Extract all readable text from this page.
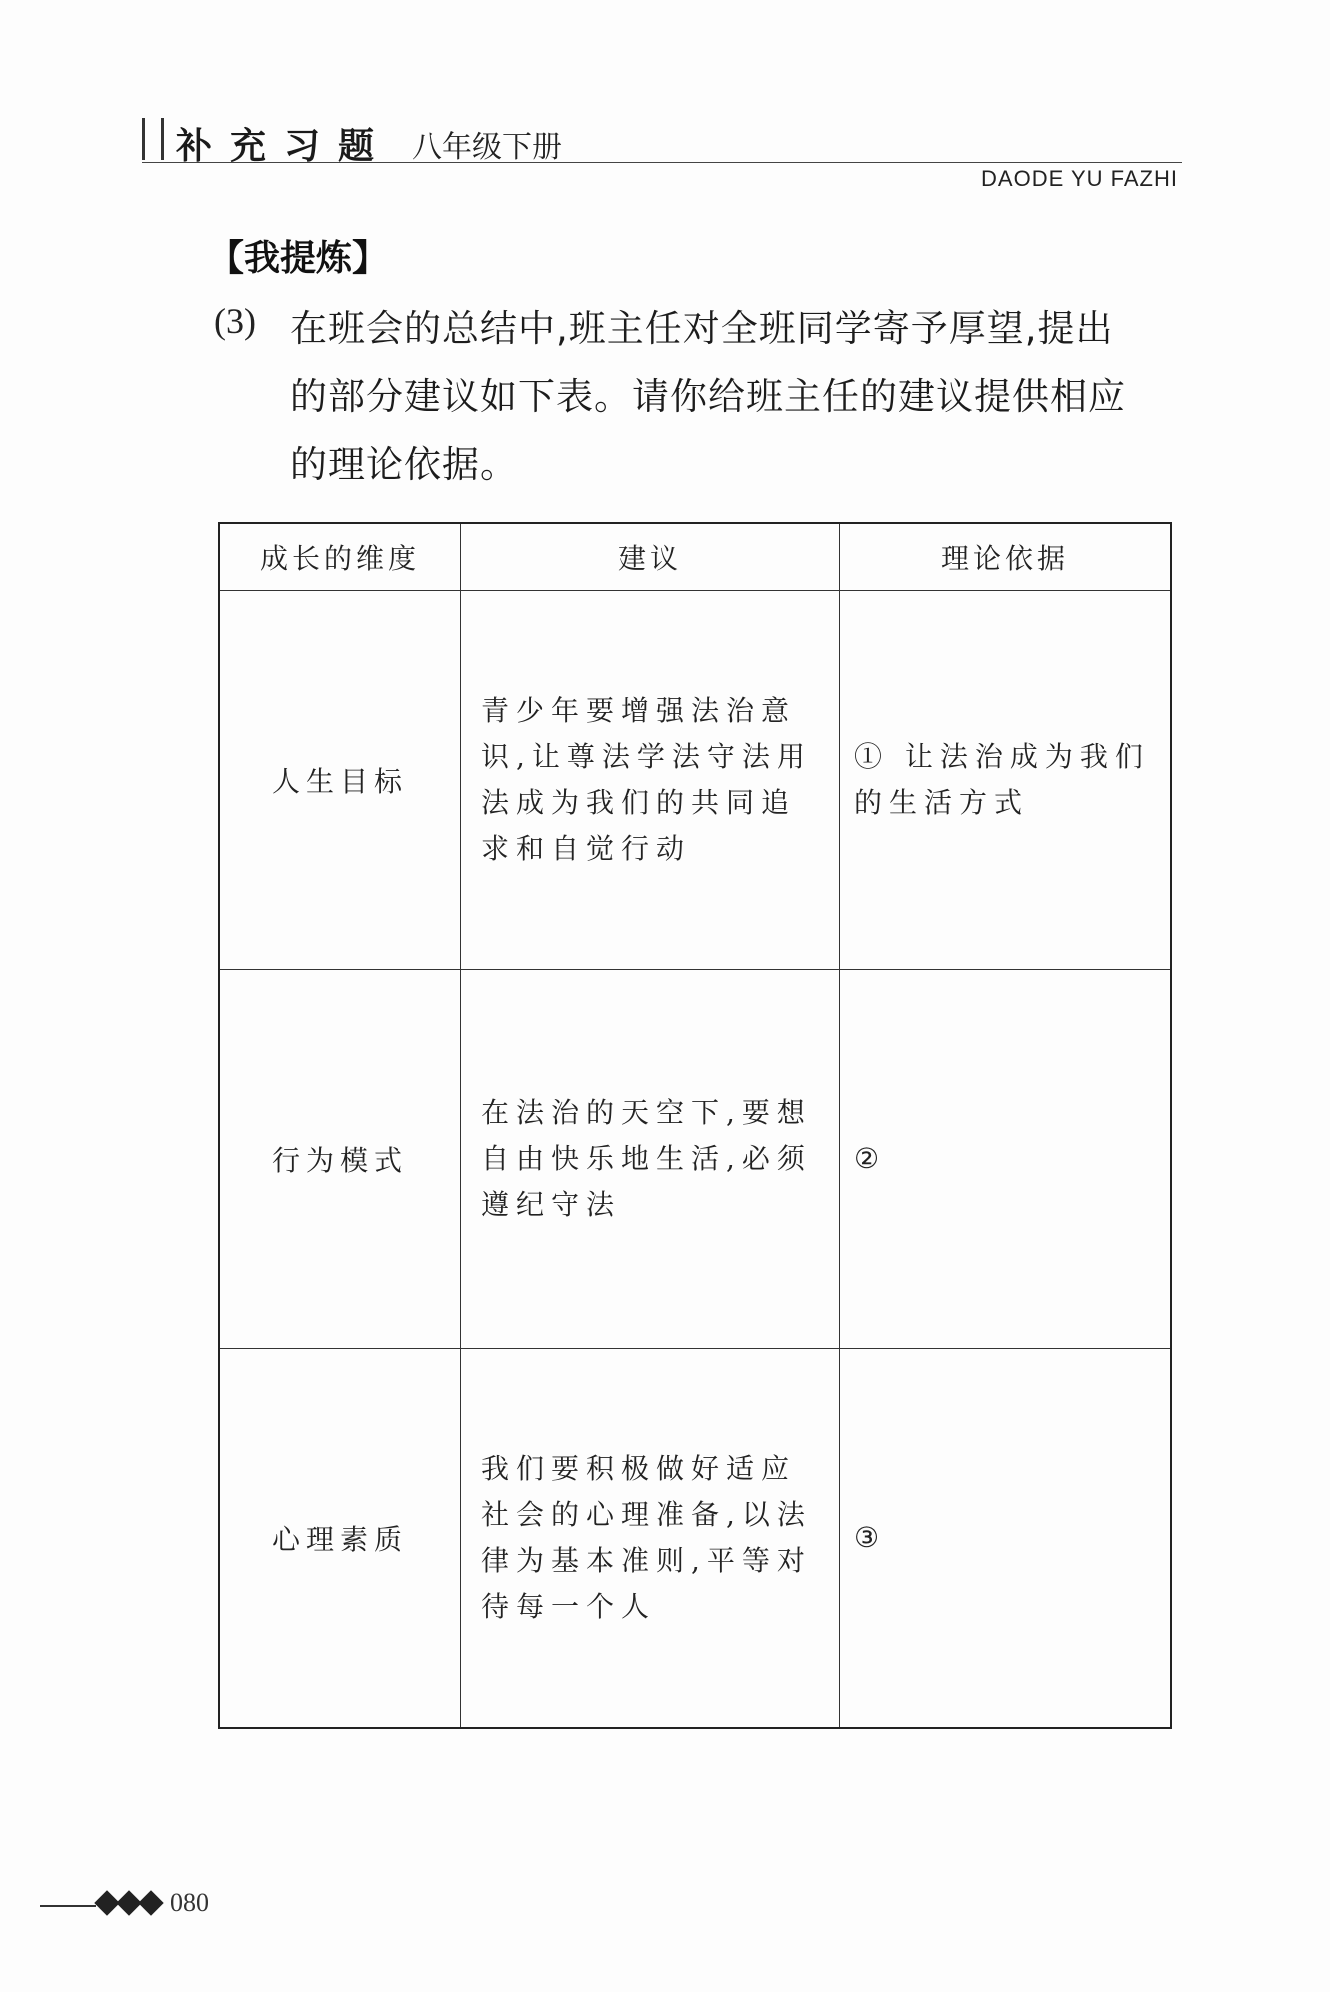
补充习题 八年级下册
DAODE YU FAZHI
【我提炼】
(3) 在班会的总结中,班主任对全班同学寄予厚望,提出
的部分建议如下表。请你给班主任的建议提供相应
的理论依据。
成长的维度	建议	理论依据
人生目标	青少年要增强法治意识,让尊法学法守法用法成为我们的共同追求和自觉行动	① 让法治成为我们的生活方式

行为模式	在法治的天空下,要想自由快乐地生活,必须遵纪守法	②

心理素质	我们要积极做好适应社会的心理准备,以法律为基本准则,平等对待每一个人	③
080
